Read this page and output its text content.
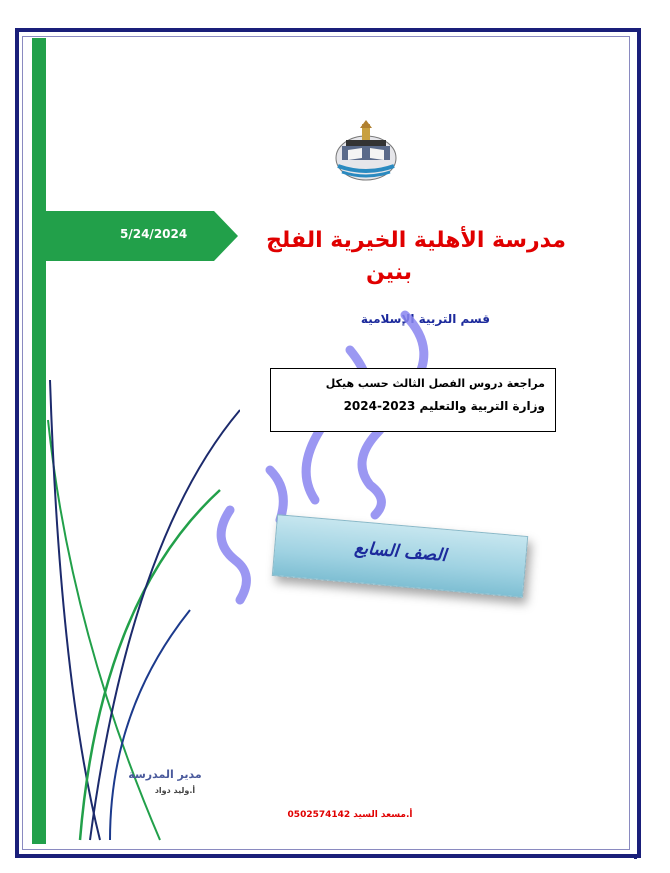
5/24/2024	مدرسة الأهلية الخيرية الفلج
بنين
قسم التربية الإسلامية
مراجعة دروس الفصل الثالث حسب هيكل
وزارة التربية والتعليم 2023-2024
الصف السابع
مدير المدرسة
أ.وليد دواد
أ.مسعد السيد 0502574142
